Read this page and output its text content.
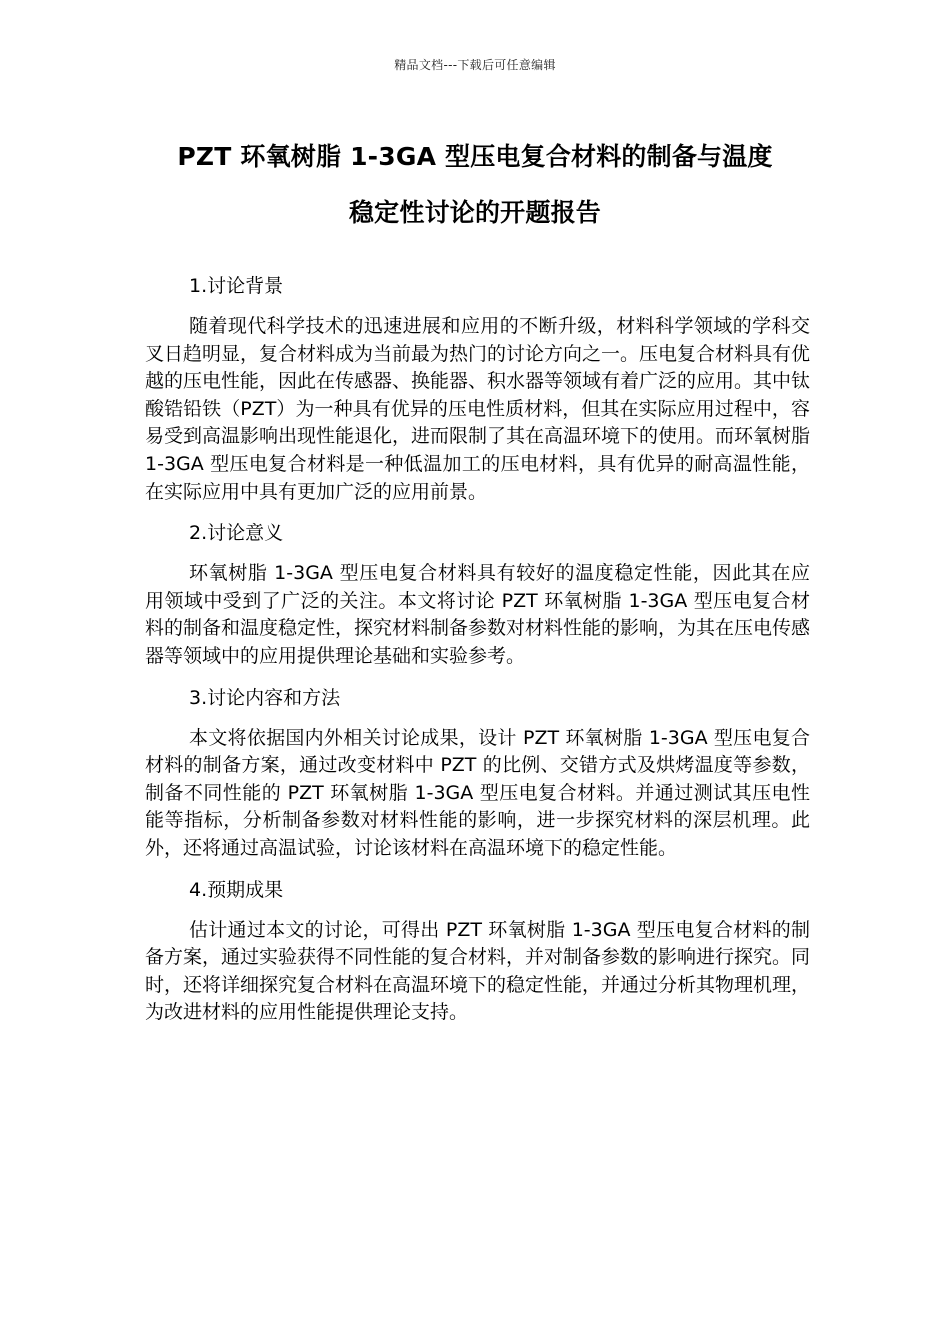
精品文档---下载后可任意编辑
PZT 环氧树脂 1-3GA 型压电复合材料的制备与温度
稳定性讨论的开题报告
1.讨论背景

随着现代科学技术的迅速进展和应用的不断升级，材料科学领域的学科交叉日趋明显，复合材料成为当前最为热门的讨论方向之一。压电复合材料具有优越的压电性能，因此在传感器、换能器、积水器等领域有着广泛的应用。其中钛酸锆铅铁（PZT）为一种具有优异的压电性质材料，但其在实际应用过程中，容易受到高温影响出现性能退化，进而限制了其在高温环境下的使用。而环氧树脂 1-3GA 型压电复合材料是一种低温加工的压电材料，具有优异的耐高温性能，在实际应用中具有更加广泛的应用前景。

2.讨论意义

环氧树脂 1-3GA 型压电复合材料具有较好的温度稳定性能，因此其在应用领域中受到了广泛的关注。本文将讨论 PZT 环氧树脂 1-3GA 型压电复合材料的制备和温度稳定性，探究材料制备参数对材料性能的影响，为其在压电传感器等领域中的应用提供理论基础和实验参考。

3.讨论内容和方法

本文将依据国内外相关讨论成果，设计 PZT 环氧树脂 1-3GA 型压电复合材料的制备方案，通过改变材料中 PZT 的比例、交错方式及烘烤温度等参数，制备不同性能的 PZT 环氧树脂 1-3GA 型压电复合材料。并通过测试其压电性能等指标，分析制备参数对材料性能的影响，进一步探究材料的深层机理。此外，还将通过高温试验，讨论该材料在高温环境下的稳定性能。

4.预期成果

估计通过本文的讨论，可得出 PZT 环氧树脂 1-3GA 型压电复合材料的制备方案，通过实验获得不同性能的复合材料，并对制备参数的影响进行探究。同时，还将详细探究复合材料在高温环境下的稳定性能，并通过分析其物理机理，为改进材料的应用性能提供理论支持。
